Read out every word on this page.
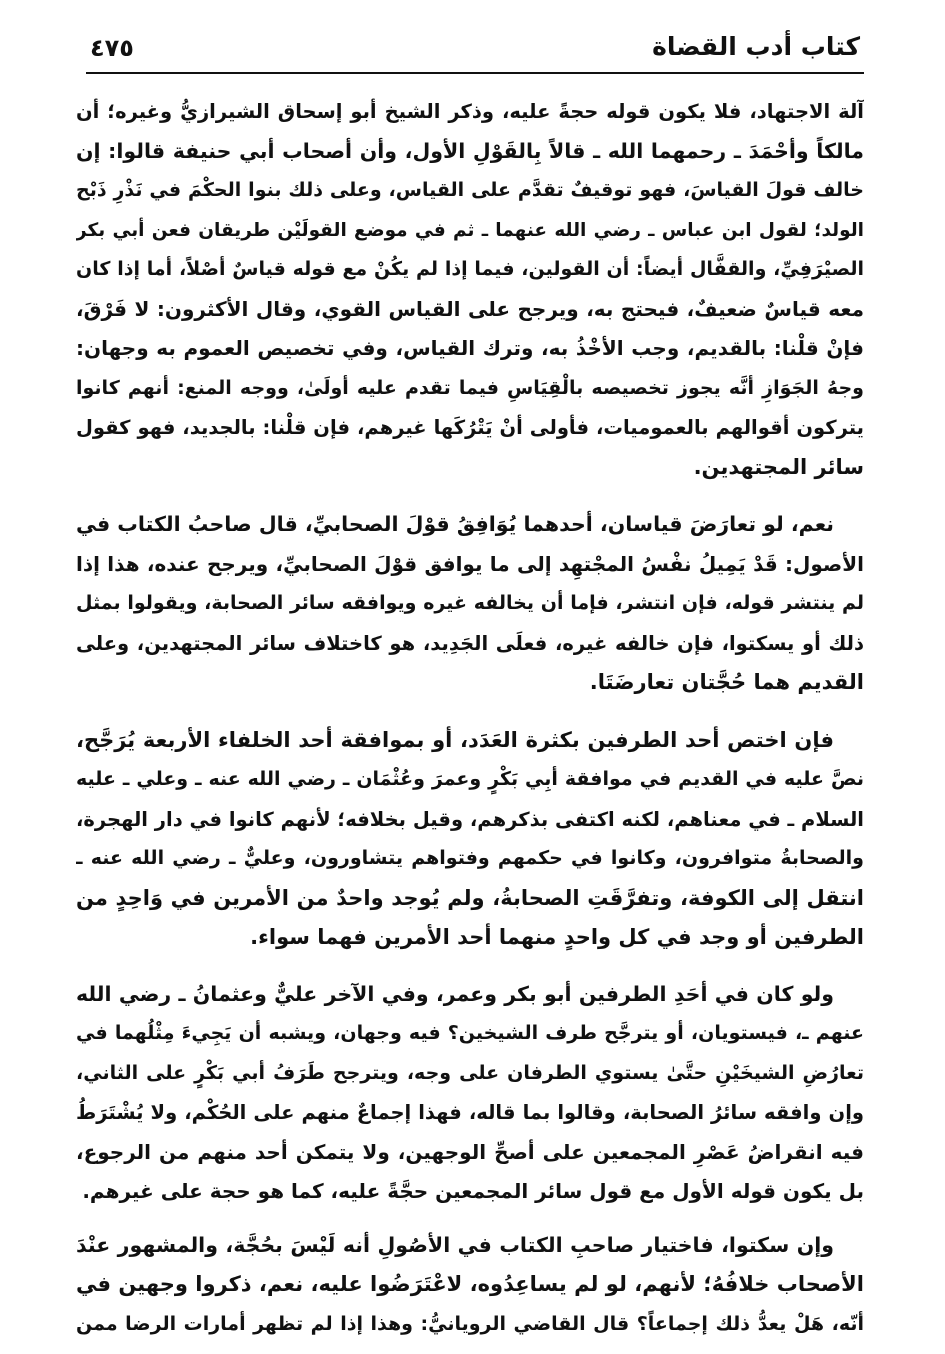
كتاب أدب القضاة
٤٧٥

آلة الاجتهاد، فلا يكون قوله حجةً عليه، وذكر الشيخ أبو إسحاق الشيرازيُّ وغيره؛ أن
مالكاً وأحْمَدَ ـ رحمهما الله ـ قالاً بِالقَوْلِ الأول، وأن أصحاب أبي حنيفة قالوا: إن
خالف قولَ القياسَ، فهو توقيفٌ تقدَّم على القياس، وعلى ذلك بنوا الحكْمَ في نَذْرِ ذَبْح
الولد؛ لقول ابن عباس ـ رضي الله عنهما ـ ثم في موضع القولَيْن طريقان فعن أبي بكر
الصيْرَفِيِّ، والقفَّال أيضاً: أن القولين، فيما إذا لم يكُنْ مع قوله قياسٌ أصْلاً، أما إذا كان
معه قياسٌ ضعيفٌ، فيحتج به، ويرجح على القياس القوي، وقال الأكثرون: لا فَرْقَ،
فإنْ قلْنا: بالقديم، وجب الأخْذُ به، وترك القياس، وفي تخصيص العموم به وجهان:
وجهُ الجَوَازِ أنَّه يجوز تخصيصه بالْقِيَاسِ فيما تقدم عليه أولَىٰ، ووجه المنع: أنهم كانوا
يتركون أقوالهم بالعموميات، فأولى أنْ يَتْرُكَها غيرهم، فإن قلْنا: بالجديد، فهو كقول
سائر المجتهدين.

نعم، لو تعارَضَ قياسان، أحدهما يُوَافِقُ قوْلَ الصحابيِّ، قال صاحبُ الكتاب في
الأصول: قَدْ يَمِيلُ نفْسُ المجْتهِد إلى ما يوافق قوْلَ الصحابيِّ، ويرجح عنده، هذا إذا
لم ينتشر قوله، فإن انتشر، فإما أن يخالفه غيره ويوافقه سائر الصحابة، ويقولوا بمثل
ذلك أو يسكتوا، فإن خالفه غيره، فعلَى الجَدِيد، هو كاختلاف سائر المجتهدين، وعلى
القديم هما حُجَّتان تعارضَتَا.

فإن اختص أحد الطرفين بكثرة العَدَد، أو بموافقة أحد الخلفاء الأربعة يُرَجَّح،
نصَّ عليه في القديم في موافقة أبِي بَكْرٍ وعمرَ وعُثْمَان ـ رضي الله عنه ـ وعلي ـ عليه
السلام ـ في معناهم، لكنه اكتفى بذكرهم، وقيل بخلافه؛ لأنهم كانوا في دار الهجرة،
والصحابةُ متوافرون، وكانوا في حكمهم وفتواهم يتشاورون، وعليٌّ ـ رضي الله عنه ـ
انتقل إلى الكوفة، وتفرَّقَتِ الصحابةُ، ولم يُوجد واحدٌ من الأمرين في وَاحِدٍ من
الطرفين أو وجد في كل واحدٍ منهما أحد الأمرين فهما سواء.

ولو كان في أحَدِ الطرفين أبو بكر وعمر، وفي الآخر عليٌّ وعثمانُ ـ رضي الله
عنهم ـ، فيستويان، أو يترجَّح طرف الشيخين؟ فيه وجهان، ويشبه أن يَجِيءَ مِثْلُهما في
تعارُضِ الشيخَيْنِ حتَّىٰ يستوي الطرفان على وجه، ويترجح طَرَفُ أبي بَكْرٍ على الثاني،
وإن وافقه سائرُ الصحابة، وقالوا بما قاله، فهذا إجماعٌ منهم على الحُكْم، ولا يُشْتَرَطُ
فيه انقراضُ عَصْرِ المجمعين على أصحِّ الوجهين، ولا يتمكن أحد منهم من الرجوع،
بل يكون قوله الأول مع قول سائر المجمعين حجَّةً عليه، كما هو حجة على غيرهم.

وإن سكتوا، فاختيار صاحبِ الكتاب في الأصُولِ أنه لَيْسَ بحُجَّة، والمشهور عنْدَ
الأصحاب خلافُهُ؛ لأنهم، لو لم يساعِدُوه، لاعْتَرَضُوا عليه، نعم، ذكروا وجهين في
أنّه، هَلْ يعدُّ ذلك إجماعاً؟ قال القاضي الرويانيُّ: وهذا إذا لم تظهر أمارات الرضا ممن
